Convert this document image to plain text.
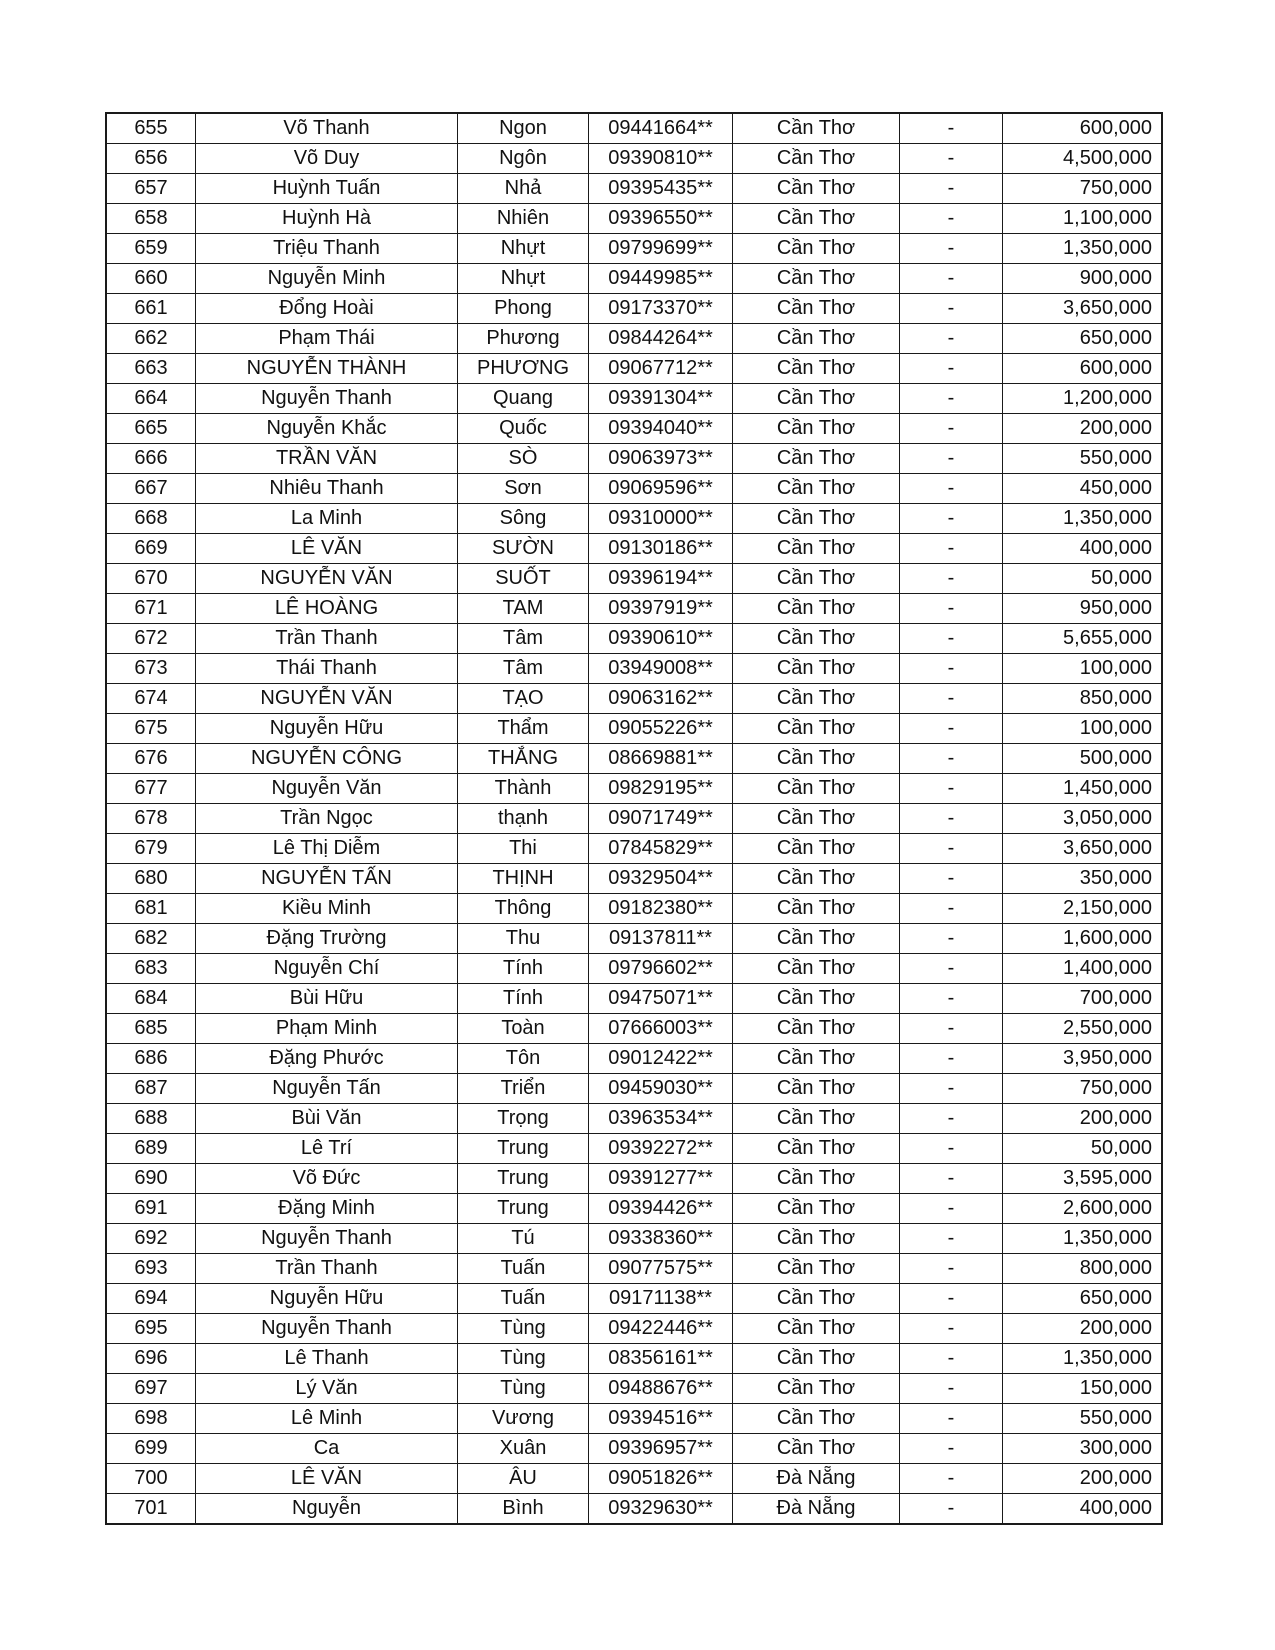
655	Võ Thanh	Ngon	09441664**	Cần Thơ	-	600,000
656	Võ Duy	Ngôn	09390810**	Cần Thơ	-	4,500,000
657	Huỳnh Tuấn	Nhả	09395435**	Cần Thơ	-	750,000
658	Huỳnh Hà	Nhiên	09396550**	Cần Thơ	-	1,100,000
659	Triệu Thanh	Nhựt	09799699**	Cần Thơ	-	1,350,000
660	Nguyễn Minh	Nhựt	09449985**	Cần Thơ	-	900,000
661	Đổng Hoài	Phong	09173370**	Cần Thơ	-	3,650,000
662	Phạm Thái	Phương	09844264**	Cần Thơ	-	650,000
663	NGUYỄN THÀNH	PHƯƠNG	09067712**	Cần Thơ	-	600,000
664	Nguyễn Thanh	Quang	09391304**	Cần Thơ	-	1,200,000
665	Nguyễn Khắc	Quốc	09394040**	Cần Thơ	-	200,000
666	TRẦN VĂN	SÒ	09063973**	Cần Thơ	-	550,000
667	Nhiêu Thanh	Sơn	09069596**	Cần Thơ	-	450,000
668	La Minh	Sông	09310000**	Cần Thơ	-	1,350,000
669	LÊ VĂN	SƯỜN	09130186**	Cần Thơ	-	400,000
670	NGUYỄN VĂN	SUỐT	09396194**	Cần Thơ	-	50,000
671	LÊ HOÀNG	TAM	09397919**	Cần Thơ	-	950,000
672	Trần Thanh	Tâm	09390610**	Cần Thơ	-	5,655,000
673	Thái Thanh	Tâm	03949008**	Cần Thơ	-	100,000
674	NGUYỄN VĂN	TẠO	09063162**	Cần Thơ	-	850,000
675	Nguyễn Hữu	Thẩm	09055226**	Cần Thơ	-	100,000
676	NGUYỄN CÔNG	THẮNG	08669881**	Cần Thơ	-	500,000
677	Nguyễn Văn	Thành	09829195**	Cần Thơ	-	1,450,000
678	Trần Ngọc	thạnh	09071749**	Cần Thơ	-	3,050,000
679	Lê Thị Diễm	Thi	07845829**	Cần Thơ	-	3,650,000
680	NGUYỄN TẤN	THỊNH	09329504**	Cần Thơ	-	350,000
681	Kiều Minh	Thông	09182380**	Cần Thơ	-	2,150,000
682	Đặng Trường	Thu	09137811**	Cần Thơ	-	1,600,000
683	Nguyễn Chí	Tính	09796602**	Cần Thơ	-	1,400,000
684	Bùi Hữu	Tính	09475071**	Cần Thơ	-	700,000
685	Phạm Minh	Toàn	07666003**	Cần Thơ	-	2,550,000
686	Đặng Phước	Tôn	09012422**	Cần Thơ	-	3,950,000
687	Nguyễn Tấn	Triển	09459030**	Cần Thơ	-	750,000
688	Bùi Văn	Trọng	03963534**	Cần Thơ	-	200,000
689	Lê Trí	Trung	09392272**	Cần Thơ	-	50,000
690	Võ Đức	Trung	09391277**	Cần Thơ	-	3,595,000
691	Đặng Minh	Trung	09394426**	Cần Thơ	-	2,600,000
692	Nguyễn Thanh	Tú	09338360**	Cần Thơ	-	1,350,000
693	Trần Thanh	Tuấn	09077575**	Cần Thơ	-	800,000
694	Nguyễn Hữu	Tuấn	09171138**	Cần Thơ	-	650,000
695	Nguyễn Thanh	Tùng	09422446**	Cần Thơ	-	200,000
696	Lê Thanh	Tùng	08356161**	Cần Thơ	-	1,350,000
697	Lý Văn	Tùng	09488676**	Cần Thơ	-	150,000
698	Lê Minh	Vương	09394516**	Cần Thơ	-	550,000
699	Ca	Xuân	09396957**	Cần Thơ	-	300,000
700	LÊ VĂN	ÂU	09051826**	Đà Nẵng	-	200,000
701	Nguyễn	Bình	09329630**	Đà Nẵng	-	400,000
